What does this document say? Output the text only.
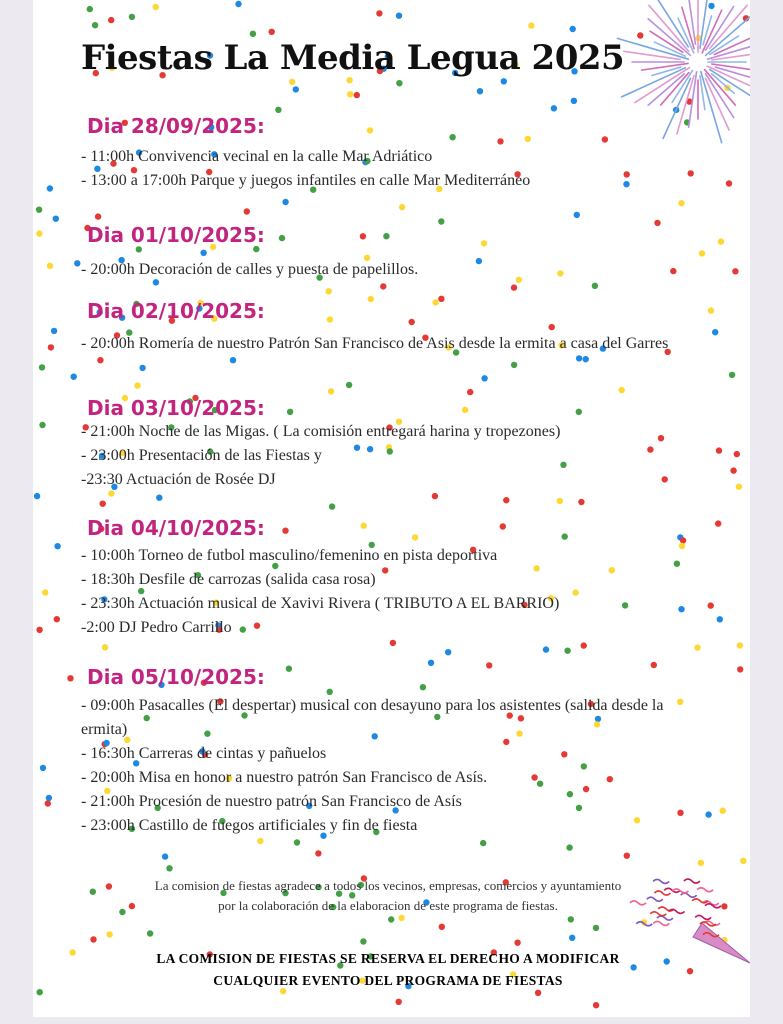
Fiestas La Media Legua 2025
Dia 28/09/2025:
- 11:00h Convivencia vecinal en la calle Mar Adriático
- 13:00 a 17:00h Parque y juegos infantiles en calle Mar Mediterráneo
Dia 01/10/2025:
- 20:00h Decoración de calles y puesta de papelillos.
Dia 02/10/2025:
- 20:00h Romería de nuestro Patrón San Francisco de Asis desde la ermita a casa del Garres
Dia 03/10/2025:
- 21:00h Noche de las Migas. ( La comisión entregará harina y tropezones)
- 23:00h Presentación de las Fiestas y
-23:30 Actuación de Rosée DJ
Dia 04/10/2025:
- 10:00h Torneo de futbol masculino/femenino en pista deportiva
- 18:30h Desfile de carrozas (salida casa rosa)
- 23:30h Actuación musical de Xavivi Rivera ( TRIBUTO A EL BARRIO)
-2:00 DJ Pedro Carrillo
Dia 05/10/2025:
- 09:00h Pasacalles (El despertar) musical con desayuno para los asistentes (salida desde la ermita)
- 16:30h Carreras de cintas y pañuelos
- 20:00h Misa en honor a nuestro patrón San Francisco de Asís.
- 21:00h Procesión de nuestro patrón San Francisco de Asís
- 23:00h Castillo de fuegos artificiales y fin de fiesta
La comision de fiestas agradece a todos los vecinos, empresas, comercios y ayuntamiento
por la colaboración de la elaboracion de este programa de fiestas.
LA COMISION DE FIESTAS SE RESERVA EL DERECHO A MODIFICAR
CUALQUIER EVENTO DEL PROGRAMA DE FIESTAS
